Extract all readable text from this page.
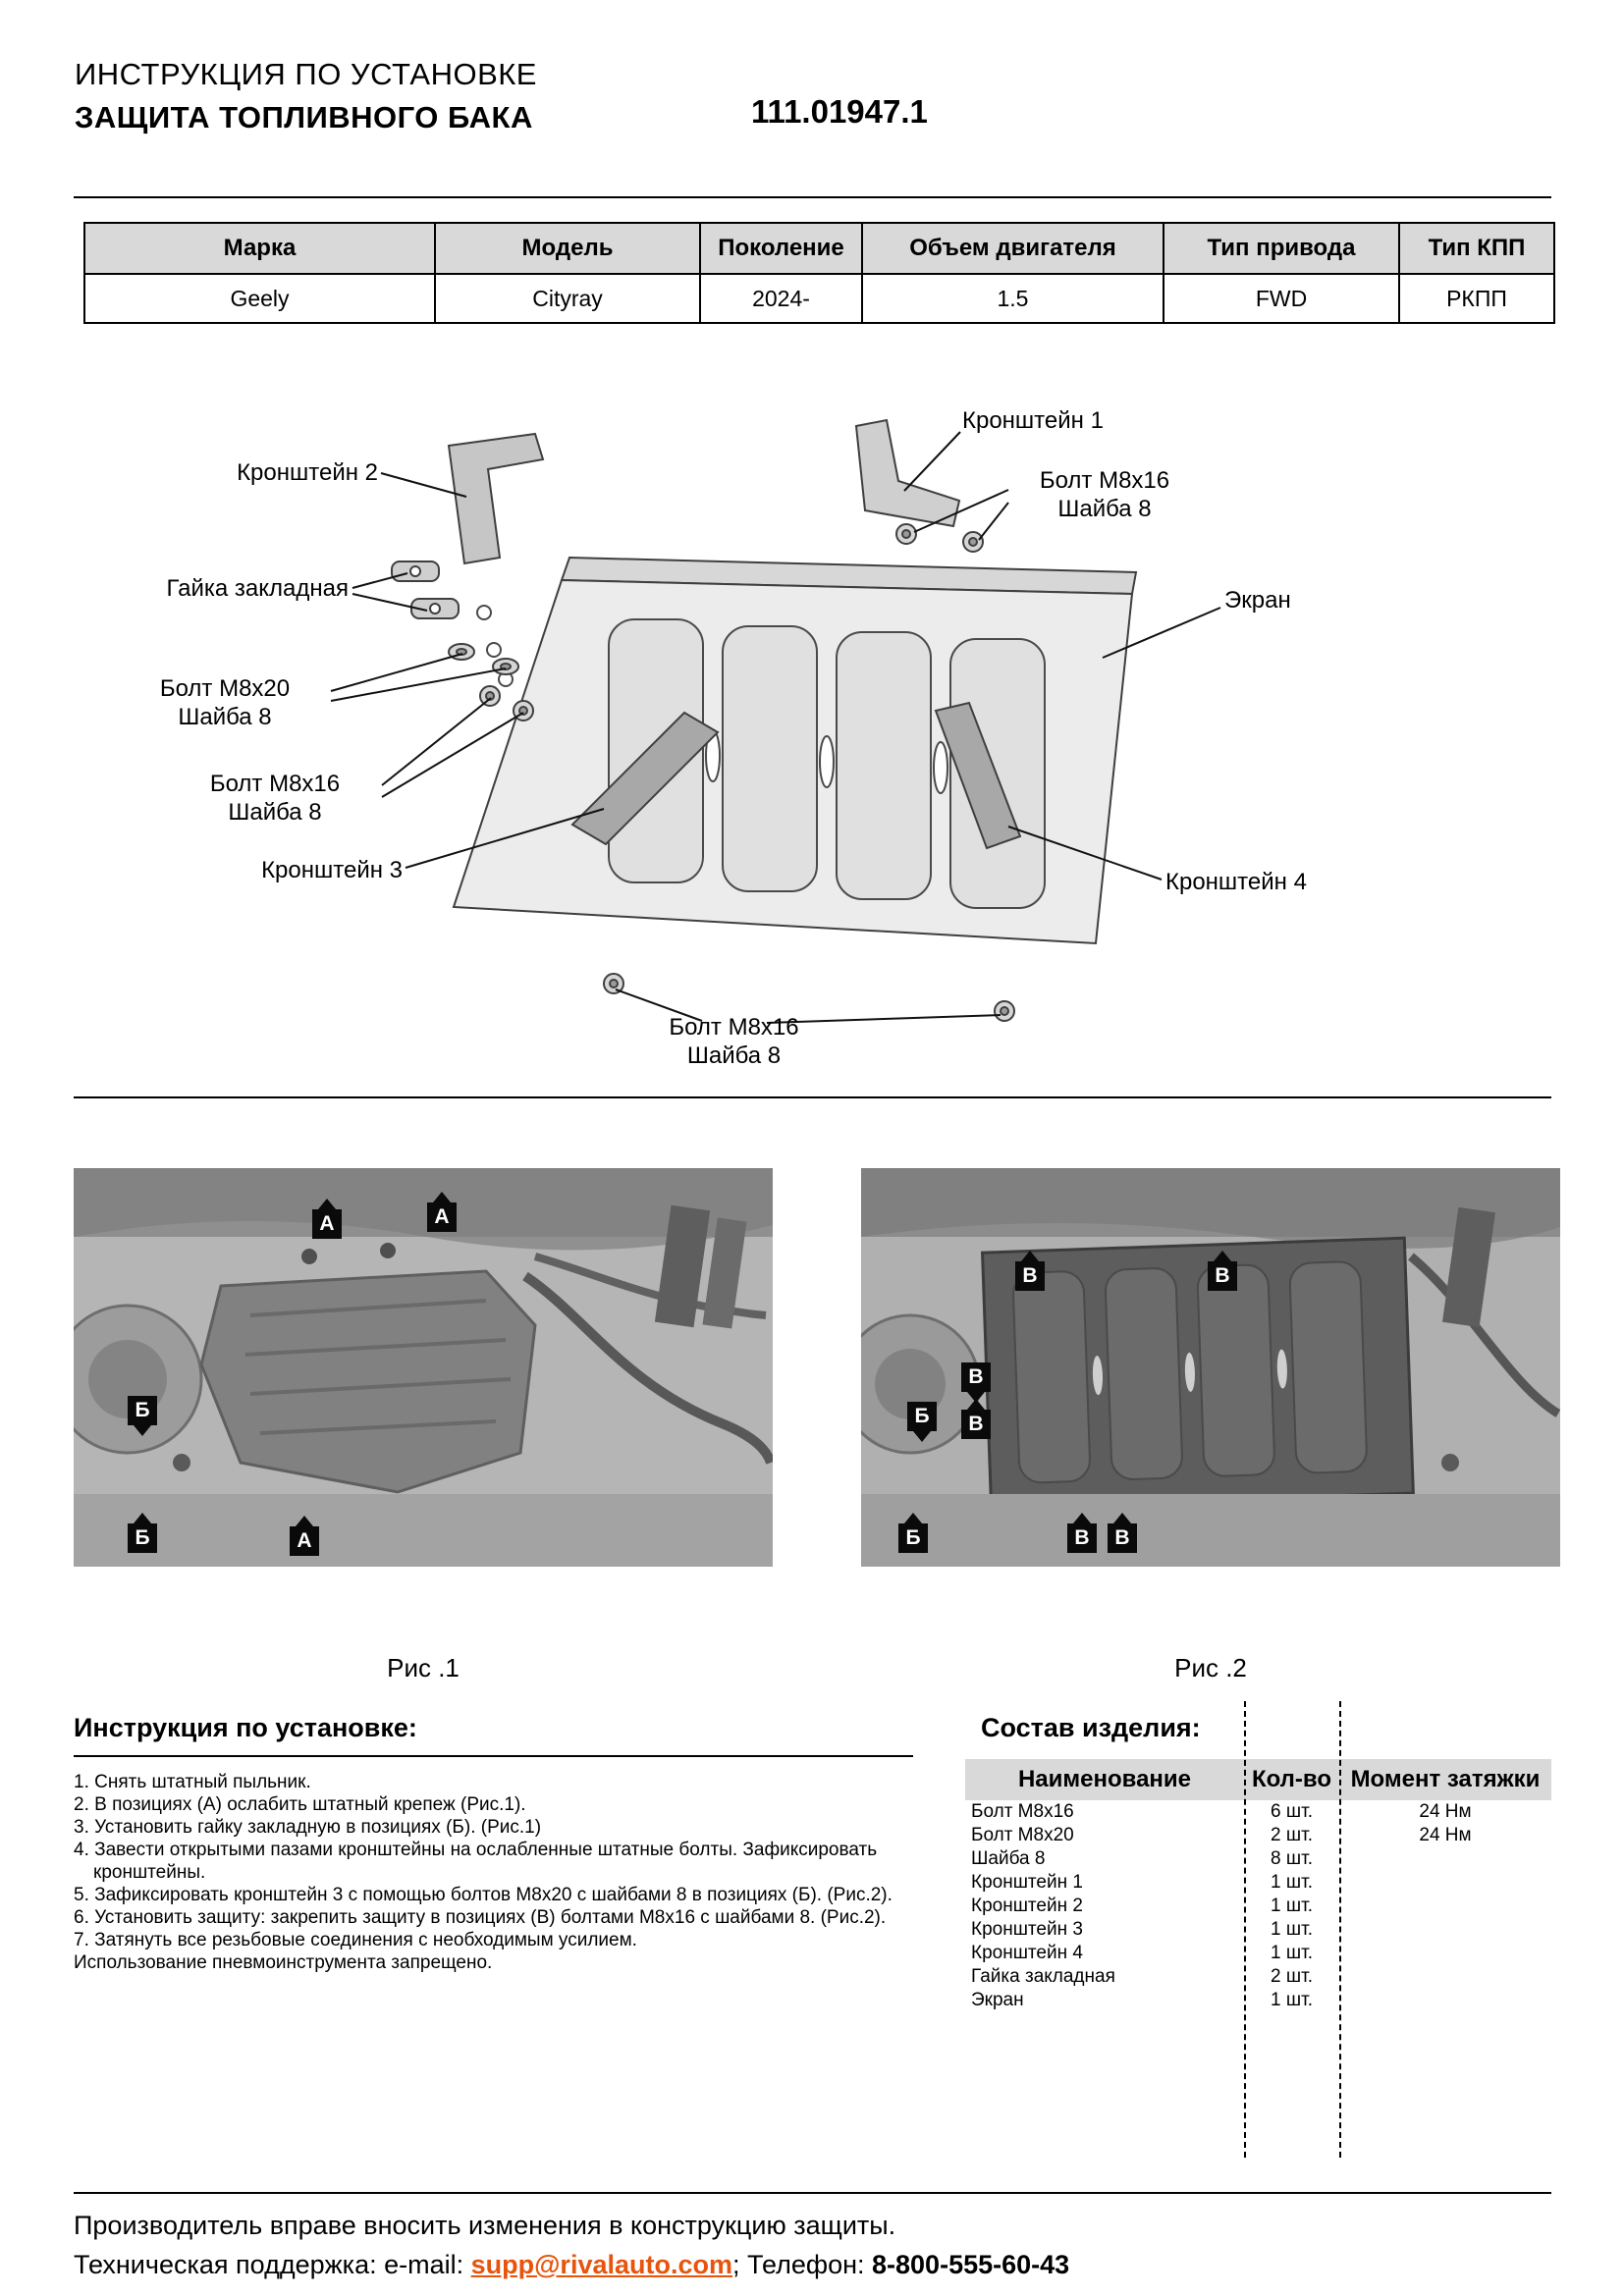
ИНСТРУКЦИЯ ПО УСТАНОВКЕ
ЗАЩИТА ТОПЛИВНОГО БАКА	111.01947.1
Марка	Модель	Поколение	Объем двигателя	Тип привода	Тип КПП
Geely	Cityray	2024-	1.5	FWD	РКПП
Кронштейн 1
Болт М8х16
Шайба 8
Кронштейн 2
Гайка закладная	Экран
Болт М8х20
Шайба 8
Болт М8х16
Шайба 8
Кронштейн 3	Кронштейн 4
Болт М8х16
Шайба 8
А	А
Б
Б	А
Рис .1
В	В
В
В
Б
Б	В	В
Рис .2
Инструкция по установке:
1. Снять штатный пыльник.
2. В позициях (А) ослабить штатный крепеж (Рис.1).
3. Установить гайку закладную в позициях (Б). (Рис.1)
4. Завести открытыми пазами кронштейны на ослабленные штатные болты. Зафиксировать кронштейны.
5. Зафиксировать кронштейн 3 с помощью болтов М8х20 с шайбами 8 в позициях (Б). (Рис.2).
6. Установить защиту: закрепить защиту в позициях (В) болтами М8х16 с шайбами 8. (Рис.2).
7. Затянуть все резьбовые соединения с необходимым усилием.
Использование пневмоинструмента запрещено.
Состав изделия:
Наименование	Кол-во	Момент затяжки
Болт М8х16	6 шт.	24 Нм
Болт М8х20	2 шт.	24 Нм
Шайба 8	8 шт.	
Кронштейн 1	1 шт.	
Кронштейн 2	1 шт.	
Кронштейн 3	1 шт.	
Кронштейн 4	1 шт.	
Гайка закладная	2 шт.	
Экран	1 шт.	
Производитель вправе вносить изменения в конструкцию защиты.
Техническая поддержка: e-mail: supp@rivalauto.com; Телефон: 8-800-555-60-43
